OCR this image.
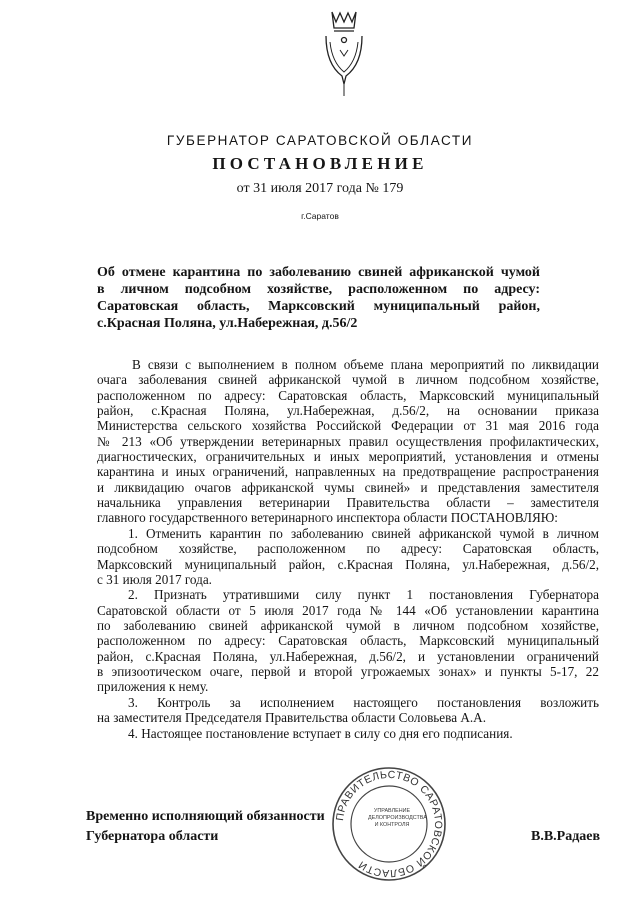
ГУБЕРНАТОР САРАТОВСКОЙ ОБЛАСТИ
ПОСТАНОВЛЕНИЕ
от 31 июля 2017 года № 179
г.Саратов
Об отмене карантина по заболеванию свиней африканской чумой
в личном подсобном хозяйстве, расположенном по адресу:
Саратовская область, Марксовский муниципальный район,
с.Красная Поляна, ул.Набережная, д.56/2
В связи с выполнением в полном объеме плана мероприятий по ликвидации
очага заболевания свиней африканской чумой в личном подсобном хозяйстве,
расположенном по адресу: Саратовская область, Марксовский муниципальный
район, с.Красная Поляна, ул.Набережная, д.56/2, на основании приказа
Министерства сельского хозяйства Российской Федерации от 31 мая 2016 года
№ 213 «Об утверждении ветеринарных правил осуществления профилактических,
диагностических, ограничительных и иных мероприятий, установления и отмены
карантина и иных ограничений, направленных на предотвращение распространения
и ликвидацию очагов африканской чумы свиней» и представления заместителя
начальника управления ветеринарии Правительства области – заместителя
главного государственного ветеринарного инспектора области ПОСТАНОВЛЯЮ:
1. Отменить карантин по заболеванию свиней африканской чумой в личном
подсобном хозяйстве, расположенном по адресу: Саратовская область,
Марксовский муниципальный район, с.Красная Поляна, ул.Набережная, д.56/2,
с 31 июля 2017 года.
2. Признать утратившими силу пункт 1 постановления Губернатора
Саратовской области от 5 июля 2017 года № 144 «Об установлении карантина
по заболеванию свиней африканской чумой в личном подсобном хозяйстве,
расположенном по адресу: Саратовская область, Марксовский муниципальный
район, с.Красная Поляна, ул.Набережная, д.56/2, и установлении ограничений
в эпизоотическом очаге, первой и второй угрожаемых зонах» и пункты 5-17, 22
приложения к нему.
3. Контроль за исполнением настоящего постановления возложить
на заместителя Председателя Правительства области Соловьева А.А.
4. Настоящее постановление вступает в силу со дня его подписания.
ПРАВИТЕЛЬСТВО САРАТОВСКОЙ ОБЛАСТИ
УПРАВЛЕНИЕ
ДЕЛОПРОИЗВОДСТВА
И КОНТРОЛЯ
Временно исполняющий обязанности
Губернатора области	В.В.Радаев
